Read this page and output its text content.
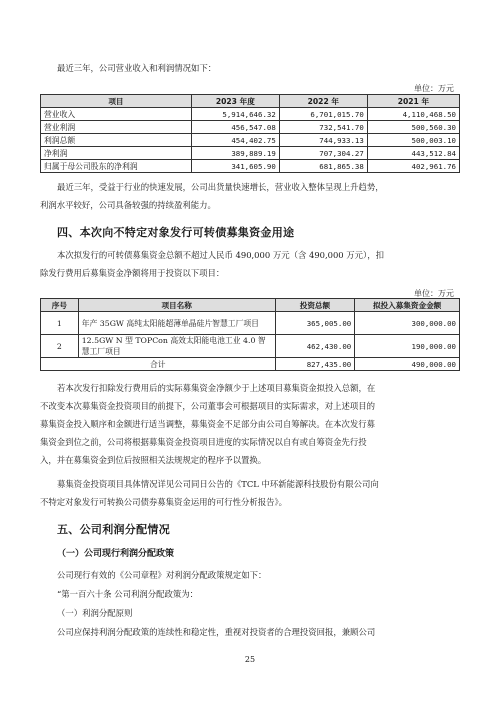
最近三年，公司营业收入和利润情况如下：
单位：万元
项目	2023 年度	2022 年	2021 年
营业收入	5,914,646.32	6,701,015.70	4,110,468.50
营业利润	456,547.08	732,541.70	500,560.30
利润总额	454,402.75	744,933.13	500,003.10
净利润	389,889.19	707,304.27	443,512.84
归属于母公司股东的净利润	341,605.90	681,865.38	402,961.76
最近三年，受益于行业的快速发展，公司出货量快速增长，营业收入整体呈现上升趋势，
利润水平较好，公司具备较强的持续盈利能力。
四、本次向不特定对象发行可转债募集资金用途
本次拟发行的可转债募集资金总额不超过人民币 490,000 万元（含 490,000 万元），扣
除发行费用后募集资金净额将用于投资以下项目：
单位：万元
序号	项目名称	投资总额	拟投入募集资金金额
1	年产 35GW 高纯太阳能超薄单晶硅片智慧工厂项目	365,005.00	300,000.00
2	12.5GW N 型 TOPCon 高效太阳能电池工业 4.0 智慧工厂项目	462,430.00	190,000.00
合计		827,435.00	490,000.00
若本次发行扣除发行费用后的实际募集资金净额少于上述项目募集资金拟投入总额，在
不改变本次募集资金投资项目的前提下，公司董事会可根据项目的实际需求，对上述项目的
募集资金投入顺序和金额进行适当调整，募集资金不足部分由公司自筹解决。在本次发行募
集资金到位之前，公司将根据募集资金投资项目进度的实际情况以自有或自筹资金先行投
入，并在募集资金到位后按照相关法规规定的程序予以置换。
募集资金投资项目具体情况详见公司同日公告的《TCL 中环新能源科技股份有限公司向
不特定对象发行可转换公司债券募集资金运用的可行性分析报告》。
五、公司利润分配情况
（一）公司现行利润分配政策
公司现行有效的《公司章程》对利润分配政策规定如下：
“第一百六十条 公司利润分配政策为：
（一）利润分配原则
公司应保持利润分配政策的连续性和稳定性，重视对投资者的合理投资回报，兼顾公司
25
